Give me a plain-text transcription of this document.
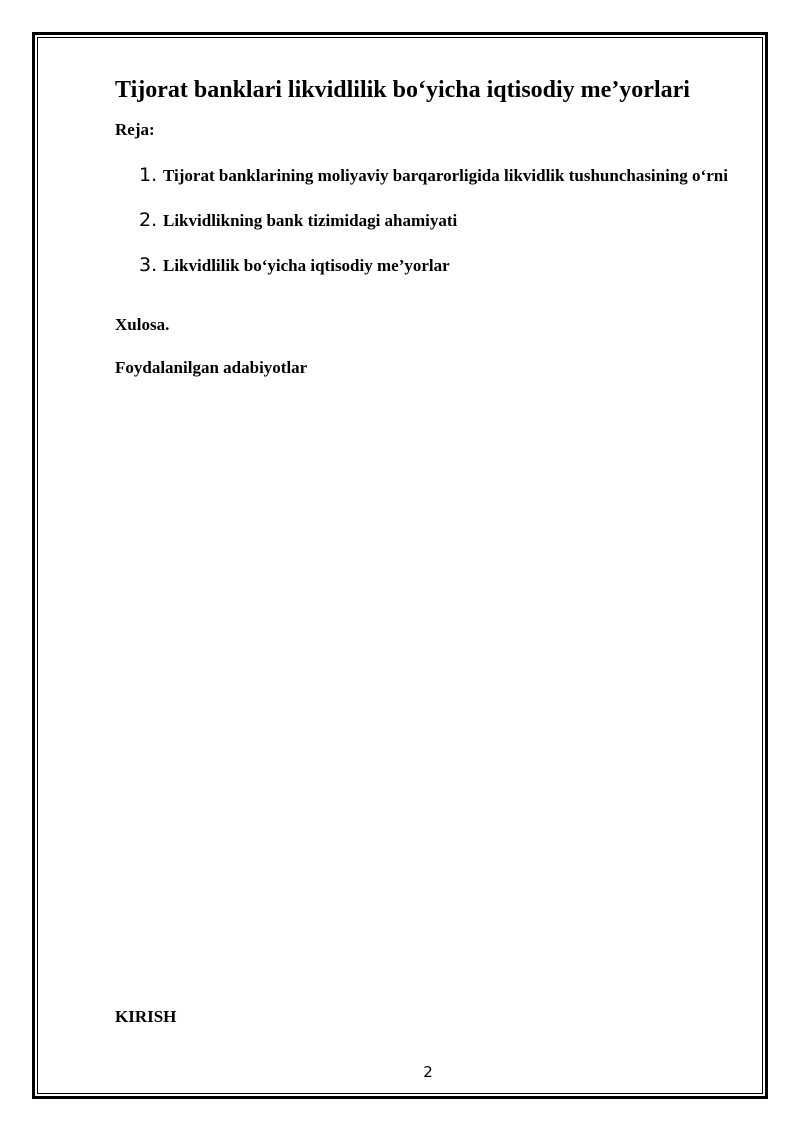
Tijorat banklari likvidlilik bo‘yicha iqtisodiy me’yorlari
Reja:
1. Tijorat banklarining moliyaviy barqarorligida likvidlik tushunchasining o‘rni
2. Likvidlikning bank tizimidagi ahamiyati
3. Likvidlilik bo‘yicha iqtisodiy me’yorlar
Xulosa.
Foydalanilgan adabiyotlar
KIRISH
2
